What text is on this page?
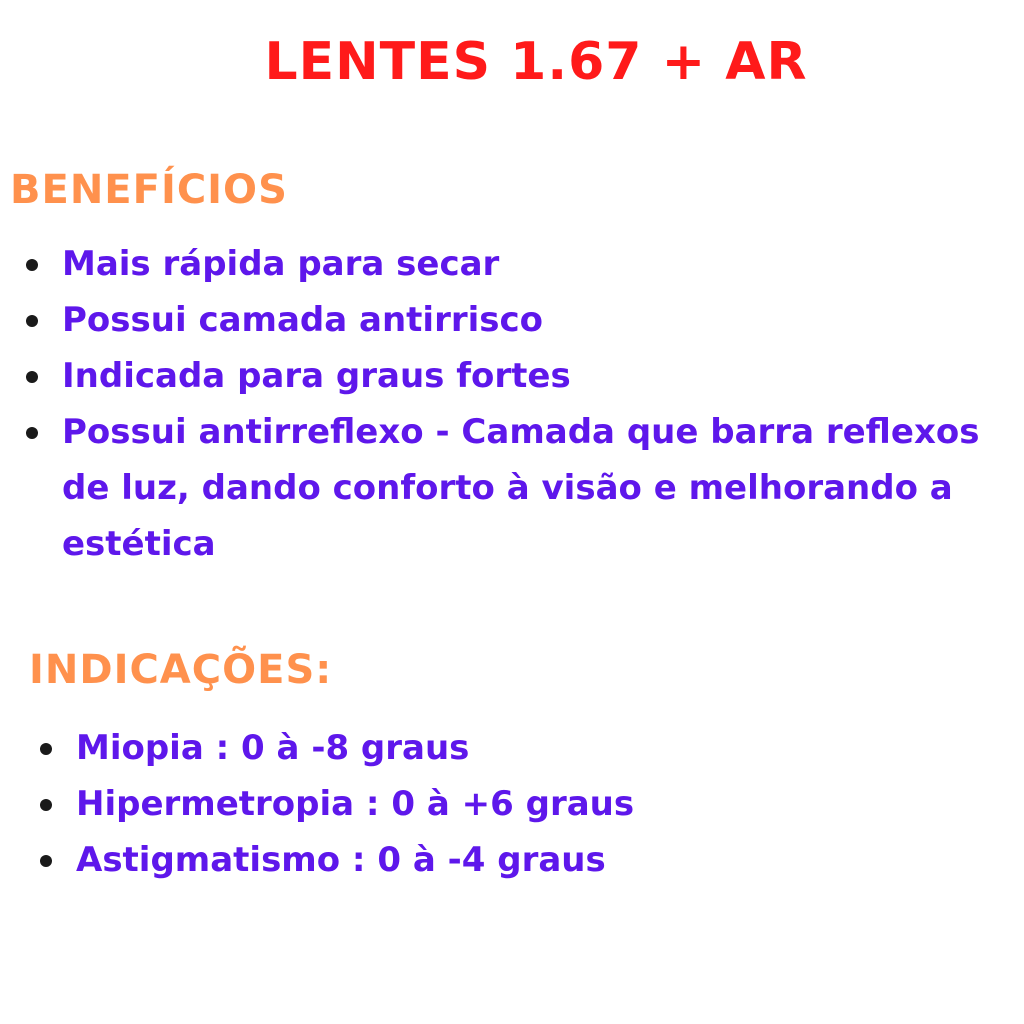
LENTES 1.67 + AR
BENEFÍCIOS
Mais rápida para secar
Possui camada antirrisco
Indicada para graus fortes
Possui antirreflexo - Camada que barra reflexos de luz, dando conforto à visão e melhorando a estética
INDICAÇÕES:
Miopia : 0 à -8 graus
Hipermetropia : 0 à +6 graus
Astigmatismo : 0 à -4 graus
